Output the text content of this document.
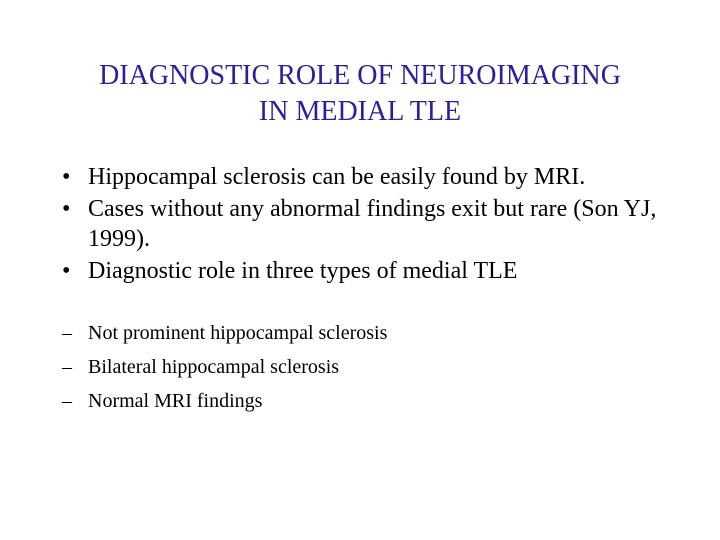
DIAGNOSTIC ROLE OF NEUROIMAGING
IN MEDIAL TLE
• Hippocampal sclerosis can be easily found by MRI.
• Cases without any abnormal findings exit but rare (Son YJ, 1999).
• Diagnostic role in three types of medial TLE
– Not prominent hippocampal sclerosis
– Bilateral hippocampal sclerosis
– Normal MRI findings
